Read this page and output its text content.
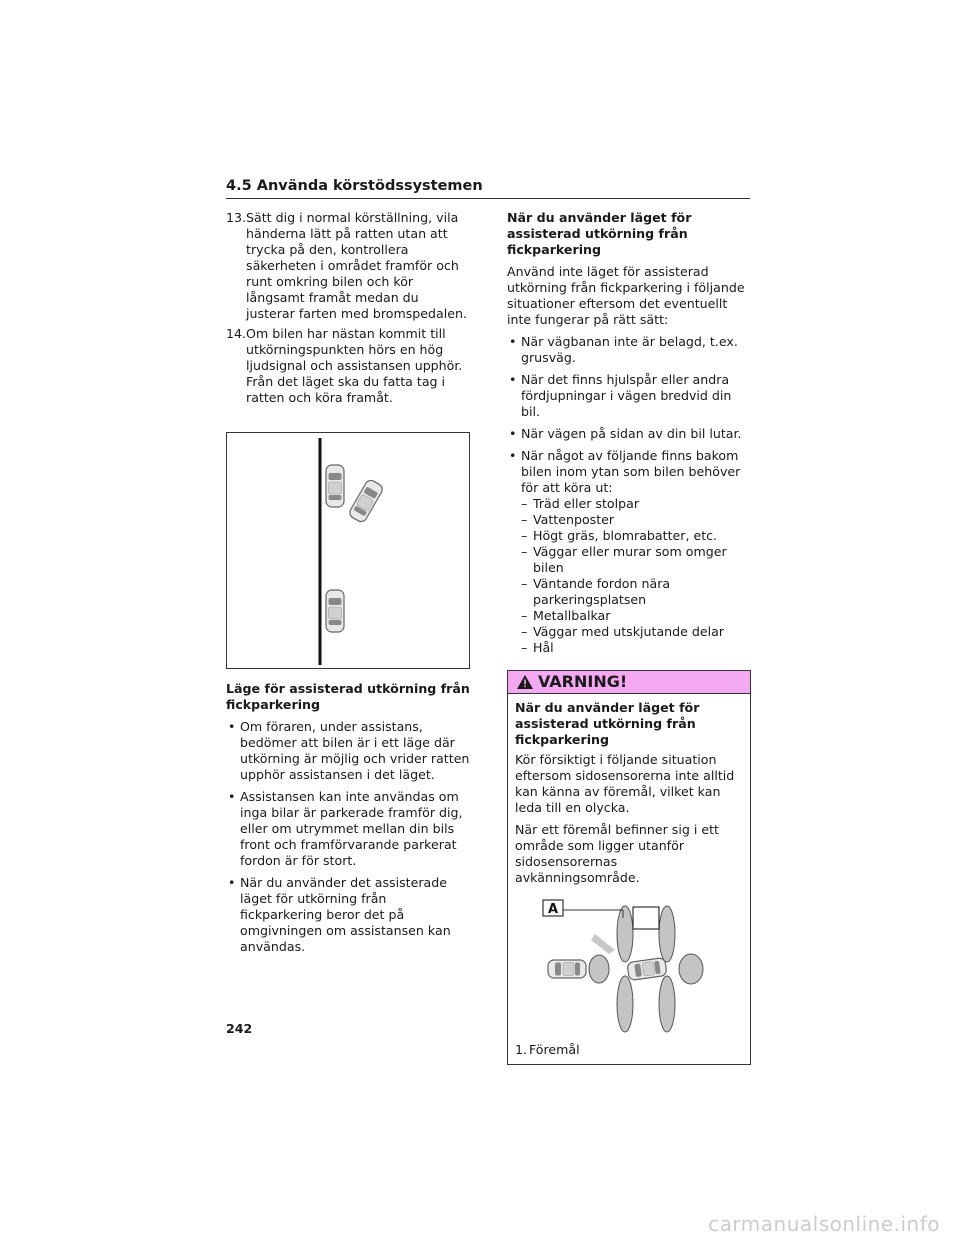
4.5 Använda körstödssystemen
13. Sätt dig i normal körställning, vila händerna lätt på ratten utan att trycka på den, kontrollera säkerheten i området framför och runt omkring bilen och kör långsamt framåt medan du justerar farten med bromspedalen.
14. Om bilen har nästan kommit till utkörningspunkten hörs en hög ljudsignal och assistansen upphör. Från det läget ska du fatta tag i ratten och köra framåt.
Läge för assisterad utkörning från fickparkering
• Om föraren, under assistans, bedömer att bilen är i ett läge där utkörning är möjlig och vrider ratten upphör assistansen i det läget.
• Assistansen kan inte användas om inga bilar är parkerade framför dig, eller om utrymmet mellan din bils front och framförvarande parkerat fordon är för stort.
• När du använder det assisterade läget för utkörning från fickparkering beror det på omgivningen om assistansen kan användas.
När du använder läget för assisterad utkörning från fickparkering

Använd inte läget för assisterad utkörning från fickparkering i följande situationer eftersom det eventuellt inte fungerar på rätt sätt:

• När vägbanan inte är belagd, t.ex. grusväg.
• När det finns hjulspår eller andra fördjupningar i vägen bredvid din bil.
• När vägen på sidan av din bil lutar.
• När något av följande finns bakom bilen inom ytan som bilen behöver för att köra ut:
– Träd eller stolpar
– Vattenposter
– Högt gräs, blomrabatter, etc.
– Väggar eller murar som omger bilen
– Väntande fordon nära parkeringsplatsen
– Metallbalkar
– Väggar med utskjutande delar
– Hål
VARNING!
När du använder läget för assisterad utkörning från fickparkering

Kör försiktigt i följande situation eftersom sidosensorerna inte alltid kan känna av föremål, vilket kan leda till en olycka.

När ett föremål befinner sig i ett område som ligger utanför sidosensorernas avkänningsområde.

A
1. Föremål
242
carmanualsonline.info
